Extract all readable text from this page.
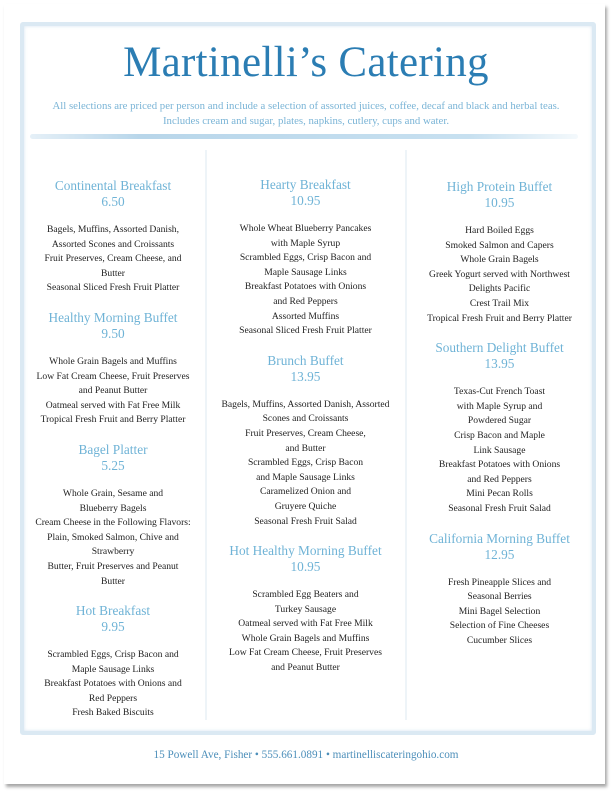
Martinelli’s Catering
All selections are priced per person and include a selection of assorted juices, coffee, decaf and black and herbal teas. Includes cream and sugar, plates, napkins, cutlery, cups and water.
Continental Breakfast
6.50
Bagels, Muffins, Assorted Danish,
Assorted Scones and Croissants
Fruit Preserves, Cream Cheese, and
Butter
Seasonal Sliced Fresh Fruit Platter
Healthy Morning Buffet
9.50
Whole Grain Bagels and Muffins
Low Fat Cream Cheese, Fruit Preserves
and Peanut Butter
Oatmeal served with Fat Free Milk
Tropical Fresh Fruit and Berry Platter
Bagel Platter
5.25
Whole Grain, Sesame and
Blueberry Bagels
Cream Cheese in the Following Flavors:
Plain, Smoked Salmon, Chive and
Strawberry
Butter, Fruit Preserves and Peanut
Butter
Hot Breakfast
9.95
Scrambled Eggs, Crisp Bacon and
Maple Sausage Links
Breakfast Potatoes with Onions and
Red Peppers
Fresh Baked Biscuits
Hearty Breakfast
10.95
Whole Wheat Blueberry Pancakes
with Maple Syrup
Scrambled Eggs, Crisp Bacon and
Maple Sausage Links
Breakfast Potatoes with Onions
and Red Peppers
Assorted Muffins
Seasonal Sliced Fresh Fruit Platter
Brunch Buffet
13.95
Bagels, Muffins, Assorted Danish, Assorted
Scones and Croissants
Fruit Preserves, Cream Cheese,
and Butter
Scrambled Eggs, Crisp Bacon
and Maple Sausage Links
Caramelized Onion and
Gruyere Quiche
Seasonal Fresh Fruit Salad
Hot Healthy Morning Buffet
10.95
Scrambled Egg Beaters and
Turkey Sausage
Oatmeal served with Fat Free Milk
Whole Grain Bagels and Muffins
Low Fat Cream Cheese, Fruit Preserves
and Peanut Butter
High Protein Buffet
10.95
Hard Boiled Eggs
Smoked Salmon and Capers
Whole Grain Bagels
Greek Yogurt served with Northwest
Delights Pacific
Crest Trail Mix
Tropical Fresh Fruit and Berry Platter
Southern Delight Buffet
13.95
Texas-Cut French Toast
with Maple Syrup and
Powdered Sugar
Crisp Bacon and Maple
Link Sausage
Breakfast Potatoes with Onions
and Red Peppers
Mini Pecan Rolls
Seasonal Fresh Fruit Salad
California Morning Buffet
12.95
Fresh Pineapple Slices and
Seasonal Berries
Mini Bagel Selection
Selection of Fine Cheeses
Cucumber Slices
15 Powell Ave, Fisher • 555.661.0891 • martinelliscateringohio.com
